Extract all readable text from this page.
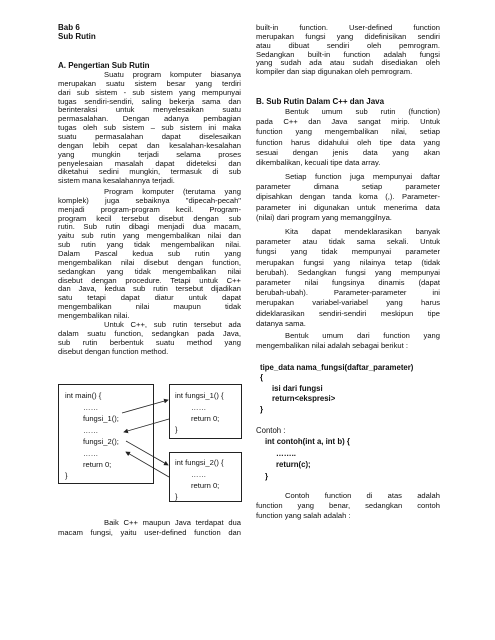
Bab 6
Sub Rutin
A. Pengertian Sub Rutin
Suatu program komputer biasanya
merupakan suatu sistem besar yang terdiri
dari sub sistem - sub sistem yang mempunyai
tugas sendiri-sendiri, saling bekerja sama dan
berinteraksi untuk menyelesaikan suatu
permasalahan. Dengan adanya pembagian
tugas oleh sub sistem – sub sistem ini maka
suatu permasalahan dapat diselesaikan
dengan lebih cepat dan kesalahan-kesalahan
yang mungkin terjadi selama proses
penyelesaian masalah dapat dideteksi dan
diketahui sedini mungkin, termasuk di sub
sistem mana kesalahannya terjadi.
Program komputer (terutama yang
komplek) juga sebaiknya "dipecah-pecah"
menjadi program-program kecil. Program-
program kecil tersebut disebut dengan sub
rutin. Sub rutin dibagi menjadi dua macam,
yaitu sub rutin yang mengembalikan nilai dan
sub rutin yang tidak mengembalikan nilai.
Dalam Pascal kedua sub rutin yang
mengembalikan nilai disebut dengan function,
sedangkan yang tidak mengembalikan nilai
disebut dengan procedure. Tetapi untuk C++
dan Java, kedua sub rutin tersebut dijadikan
satu tetapi dapat diatur untuk dapat
mengembalikan nilai maupun tidak
mengembalikan nilai.
Untuk C++, sub rutin tersebut ada
dalam suatu function, sedangkan pada Java,
sub rutin berbentuk suatu method yang
disebut dengan function method.
int main() {
……
fungsi_1();
……
fungsi_2();
……
return 0;
}
int fungsi_1() {
……
return 0;
}
int fungsi_2() {
……
return 0;
}
Baik C++ maupun Java terdapat dua
macam fungsi, yaitu user-defined function dan
built-in function. User-defined function
merupakan fungsi yang didefinisikan sendiri
atau dibuat sendiri oleh pemrogram.
Sedangkan built-in function adalah fungsi
yang sudah ada atau sudah disediakan oleh
kompiler dan siap digunakan oleh pemrogram.
B. Sub Rutin Dalam C++ dan Java
Bentuk umum sub rutin (function)
pada C++ dan Java sangat mirip. Untuk
function yang mengembalikan nilai, setiap
function harus didahului oleh tipe data yang
sesuai dengan jenis data yang akan
dikembalikan, kecuali tipe data array.
Setiap function juga mempunyai daftar
parameter dimana setiap parameter
dipisahkan dengan tanda koma (,). Parameter-
parameter ini digunakan untuk menerima data
(nilai) dari program yang memanggilnya.
Kita dapat mendeklarasikan banyak
parameter atau tidak sama sekali. Untuk
fungsi yang tidak mempunyai parameter
merupakan fungsi yang nilainya tetap (tidak
berubah). Sedangkan fungsi yang mempunyai
parameter nilai fungsinya dinamis (dapat
berubah-ubah). Parameter-parameter ini
merupakan variabel-variabel yang harus
dideklarasikan sendiri-sendiri meskipun tipe
datanya sama.
Bentuk umum dari function yang
mengembalikan nilai adalah sebagai berikut :
tipe_data nama_fungsi(daftar_parameter)
{
isi dari fungsi
return<ekspresi>
}
Contoh :
int contoh(int a, int b) {
……..
return(c);
}
Contoh function di atas adalah
function yang benar, sedangkan contoh
function yang salah adalah :
